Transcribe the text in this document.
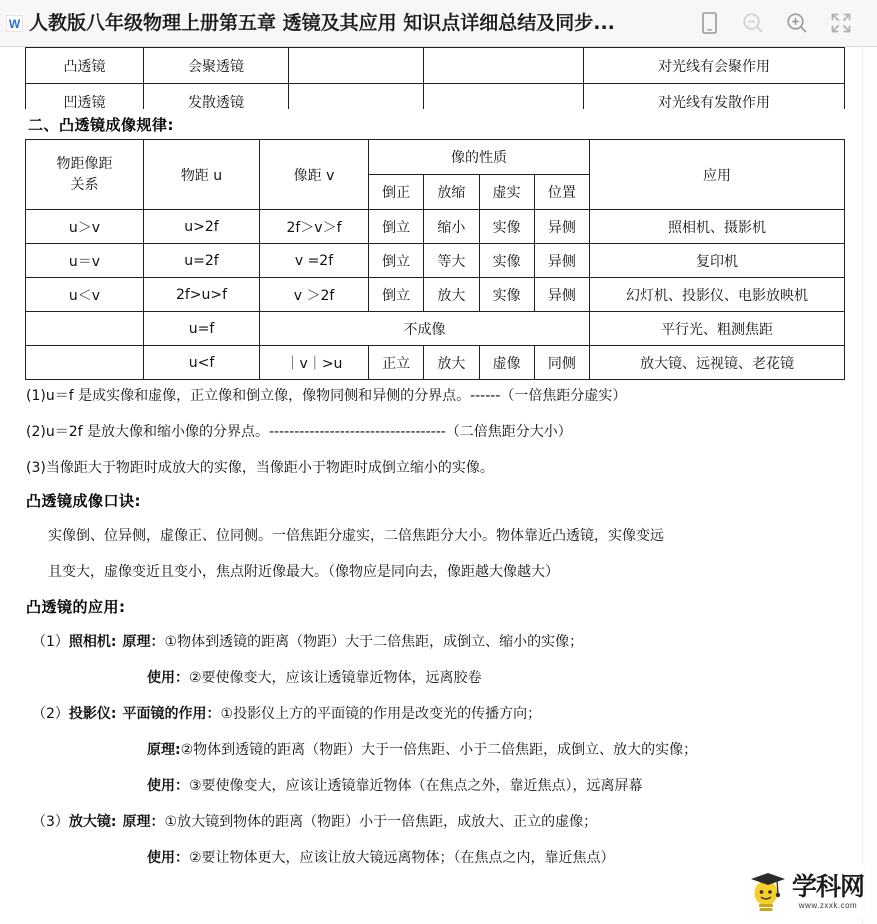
W 人教版八年级物理上册第五章 透镜及其应用 知识点详细总结及同步...
凸透镜	会聚透镜			对光线有会聚作用
凹透镜	发散透镜			对光线有发散作用
二、凸透镜成像规律:
物距像距
关系	物距 u	像距 v	像的性质				应用
			倒正	放缩	虚实	位置	
u＞v	u>2f	2f＞v＞f	倒立	缩小	实像	异侧	照相机、摄影机
u＝v	u=2f	v =2f	倒立	等大	实像	异侧	复印机
u＜v	2f>u>f	v ＞2f	倒立	放大	实像	异侧	幻灯机、投影仪、电影放映机
	u=f	不成像					平行光、粗测焦距
	u<f	｜v｜>u	正立	放大	虚像	同侧	放大镜、远视镜、老花镜
(1)u＝f 是成实像和虚像，正立像和倒立像，像物同侧和异侧的分界点。------（一倍焦距分虚实）
(2)u＝2f 是放大像和缩小像的分界点。-----------------------------------（二倍焦距分大小）
(3)当像距大于物距时成放大的实像，当像距小于物距时成倒立缩小的实像。
凸透镜成像口诀:
实像倒、位异侧，虚像正、位同侧。一倍焦距分虚实，二倍焦距分大小。物体靠近凸透镜，实像变远
且变大，虚像变近且变小，焦点附近像最大。（像物应是同向去，像距越大像越大）
凸透镜的应用:
（1）照相机: 原理：①物体到透镜的距离（物距）大于二倍焦距，成倒立、缩小的实像；
使用：②要使像变大，应该让透镜靠近物体，远离胶卷
（2）投影仪: 平面镜的作用：①投影仪上方的平面镜的作用是改变光的传播方向；
原理:②物体到透镜的距离（物距）大于一倍焦距、小于二倍焦距，成倒立、放大的实像；
使用：③要使像变大，应该让透镜靠近物体（在焦点之外，靠近焦点），远离屏幕
（3）放大镜: 原理：①放大镜到物体的距离（物距）小于一倍焦距，成放大、正立的虚像；
使用：②要让物体更大，应该让放大镜远离物体；（在焦点之内，靠近焦点）
学科网
www.zxxk.com
